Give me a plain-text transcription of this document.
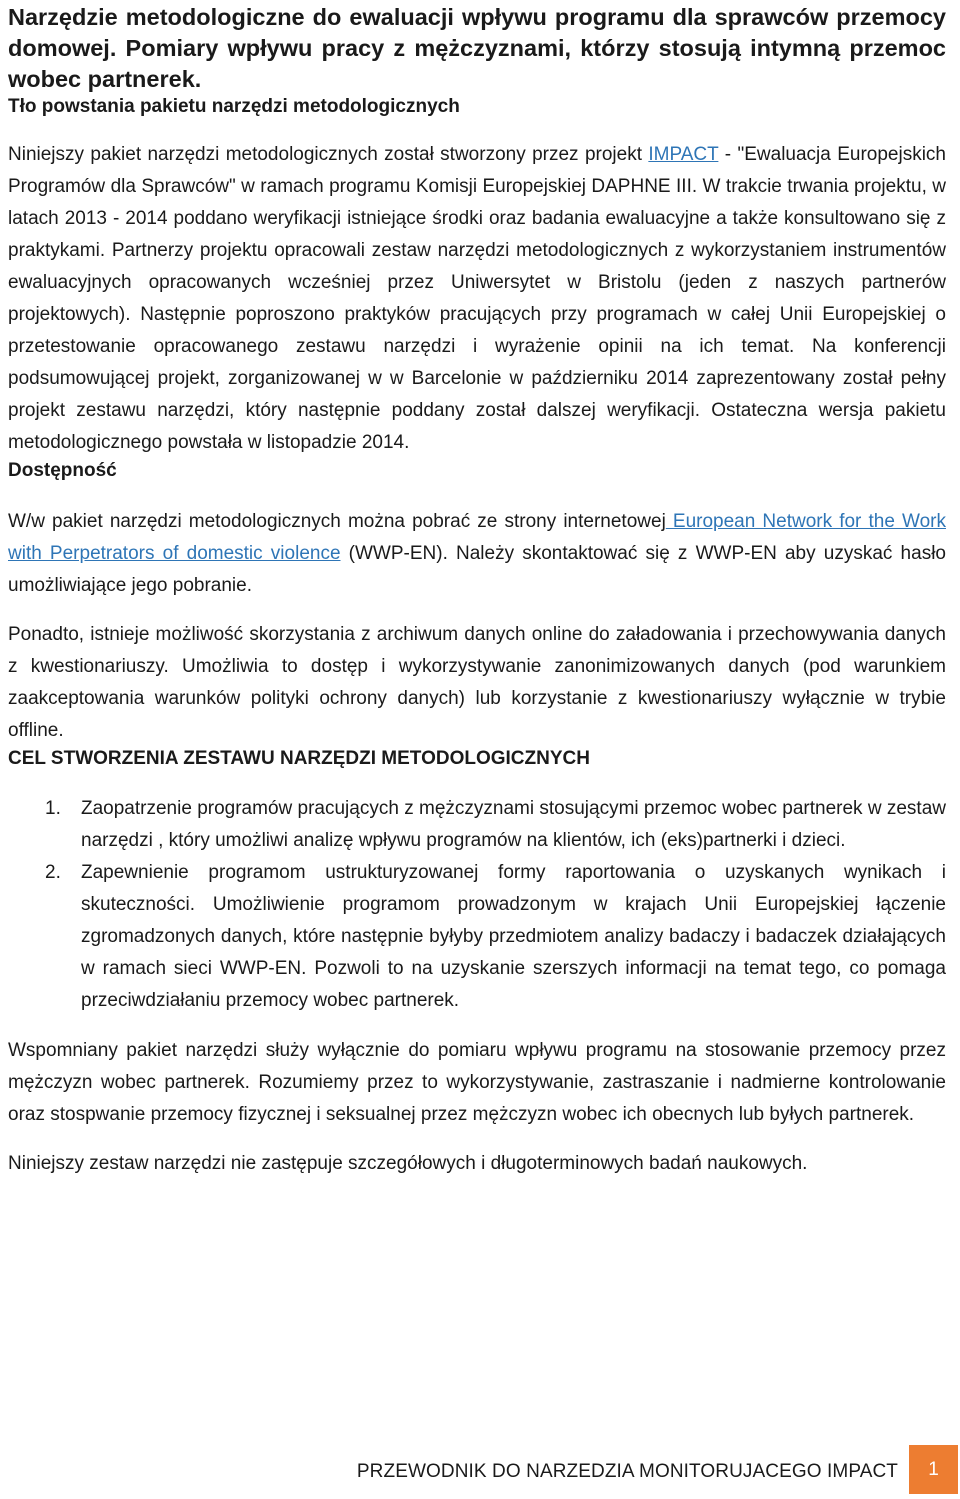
Narzędzie metodologiczne do ewaluacji wpływu programu dla sprawców przemocy domowej. Pomiary wpływu pracy z mężczyznami, którzy stosują intymną przemoc wobec partnerek.
Tło powstania pakietu narzędzi metodologicznych

Niniejszy pakiet narzędzi metodologicznych został stworzony przez projekt IMPACT - "Ewaluacja Europejskich Programów dla Sprawców" w ramach programu Komisji Europejskiej DAPHNE III. W trakcie trwania projektu, w latach 2013 - 2014 poddano weryfikacji istniejące środki oraz badania ewaluacyjne a także konsultowano się z praktykami. Partnerzy projektu opracowali zestaw narzędzi metodologicznych z wykorzystaniem instrumentów ewaluacyjnych opracowanych wcześniej przez Uniwersytet w Bristolu (jeden z naszych partnerów projektowych). Następnie poproszono praktyków pracujących przy programach w całej Unii Europejskiej o przetestowanie opracowanego zestawu narzędzi i wyrażenie opinii na ich temat. Na konferencji podsumowującej projekt, zorganizowanej w w Barcelonie w październiku 2014 zaprezentowany został pełny projekt zestawu narzędzi, który następnie poddany został dalszej weryfikacji. Ostateczna wersja pakietu metodologicznego powstała w listopadzie 2014.

Dostępność

W/w pakiet narzędzi metodologicznych można pobrać ze strony internetowej European Network for the Work with Perpetrators of domestic violence (WWP-EN). Należy skontaktować się z WWP-EN aby uzyskać hasło umożliwiające jego pobranie.

Ponadto, istnieje możliwość skorzystania z archiwum danych online do załadowania i przechowywania danych z kwestionariuszy. Umożliwia to dostęp i wykorzystywanie zanonimizowanych danych (pod warunkiem zaakceptowania warunków polityki ochrony danych) lub korzystanie z kwestionariuszy wyłącznie w trybie offline.

CEL STWORZENIA ZESTAWU NARZĘDZI METODOLOGICZNYCH
1. Zaopatrzenie programów pracujących z mężczyznami stosującymi przemoc wobec partnerek w zestaw narzędzi , który umożliwi analizę wpływu programów na klientów, ich (eks)partnerki i dzieci.
2. Zapewnienie programom ustrukturyzowanej formy raportowania o uzyskanych wynikach i skuteczności. Umożliwienie programom prowadzonym w krajach Unii Europejskiej łączenie zgromadzonych danych, które następnie byłyby przedmiotem analizy badaczy i badaczek działających w ramach sieci WWP-EN. Pozwoli to na uzyskanie szerszych informacji na temat tego, co pomaga przeciwdziałaniu przemocy wobec partnerek.

Wspomniany pakiet narzędzi służy wyłącznie do pomiaru wpływu programu na stosowanie przemocy przez mężczyzn wobec partnerek. Rozumiemy przez to wykorzystywanie, zastraszanie i nadmierne kontrolowanie oraz stospwanie przemocy fizycznej i seksualnej przez mężczyzn wobec ich obecnych lub byłych partnerek.

Niniejszy zestaw narzędzi nie zastępuje szczegółowych i długoterminowych badań naukowych.

PRZEWODNIK DO NARZEDZIA MONITORUJACEGO IMPACT	1
